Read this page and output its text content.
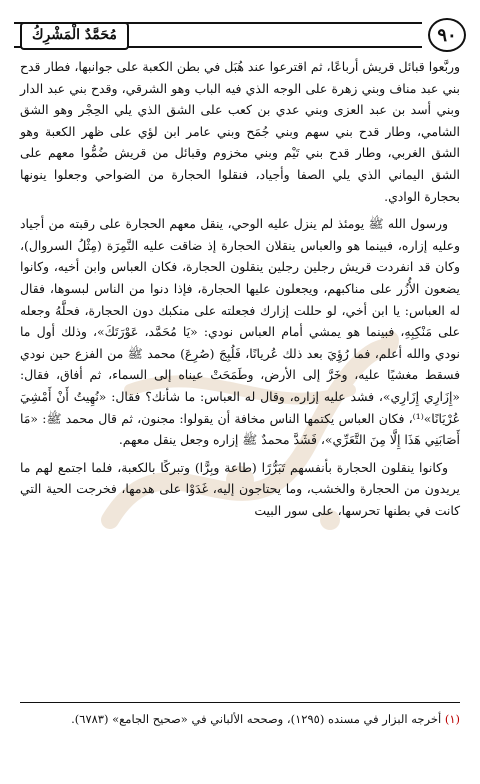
٩٠
مُحَمَّدٌ الْمَشْرِكُ

وربَّعوا قبائل قريش أرباعًا، ثم اقترعوا عند هُبَل في بطن الكعبة على جوانبها، فطار قدح بني عبد مناف وبني زهرة على الوجه الذي فيه الباب وهو الشرقي، وقدح بني عبد الدار وبني أسد بن عبد العزى وبني عدي بن كعب على الشق الذي يلي الحِجْر وهو الشق الشامي، وطار قدح بني سهم وبني جُمَح وبني عامر ابن لؤي على ظهر الكعبة وهو الشق الغربي، وطار قدح بني تَيْم وبني مخزوم وقبائل من قريش ضُمُّوا معهم على الشق اليماني الذي يلي الصفا وأجياد، فنقلوا الحجارة من الضواحي وجعلوا ينونها بحجارة الوادي.

ورسول الله ﷺ يومئذ لم ينزل عليه الوحي، ينقل معهم الحجارة على رقبته من أجياد وعليه إزاره، فبينما هو والعباس ينقلان الحجارة إذ ضاقت عليه النَّمِرَة (مِثْلُ السروال)، وكان قد انفردت قريش رجلين رجلين ينقلون الحجارة، فكان العباس وابن أخيه، وكانوا يضعون الأُزُر على مناكبهم، ويجعلون عليها الحجارة، فإذا دنوا من الناس لبسوها، فقال له العباس: يا ابن أخي، لو حللت إزارك فجعلته على منكبك دون الحجارة، فحلَّهُ وجعله على مَنْكِبِهِ، فبينما هو يمشي أمام العباس نودي: «يَا مُحَمَّد، عَوْرَتَكَ»، وذلك أول ما نودي والله أعلم، فما رُؤِيَ بعد ذلك عُريانًا، فَلُبِجَ (صُرِعَ) محمد ﷺ من الفزع حين نودي فسقط مغشيًا عليه، وخَرَّ إلى الأرض، وطَمَحَتْ عيناه إلى السماء، ثم أفاق، فقال: «إِزَارِي إِزَارِي»، فشد عليه إزاره، وقال له العباس: ما شأنك؟ فقال: «نُهِيتُ أَنْ أَمْشِيَ عُرْيَانًا»⁽¹⁾، فكان العباس يكتمها الناس مخافة أن يقولوا: مجنون، ثم قال محمد ﷺ: «مَا أَصَابَنِي هَذَا إِلَّا مِنَ التَّعَرِّي»، فَشَدَّ محمدٌ ﷺ إزاره وجعل ينقل معهم.

وكانوا ينقلون الحجارة بأنفسهم تَبَرُّرًا (طاعة وبِرًّا) وتبركًا بالكعبة، فلما اجتمع لهم ما يريدون من الحجارة والخشب، وما يحتاجون إليه، غَدَوْا على هدمها، فخرجت الحية التي كانت في بطنها تحرسها، على سور البيت

(١) أخرجه البزار في مسنده (١٢٩٥)، وصححه الألباني في «صحيح الجامع» (٦٧٨٣).
